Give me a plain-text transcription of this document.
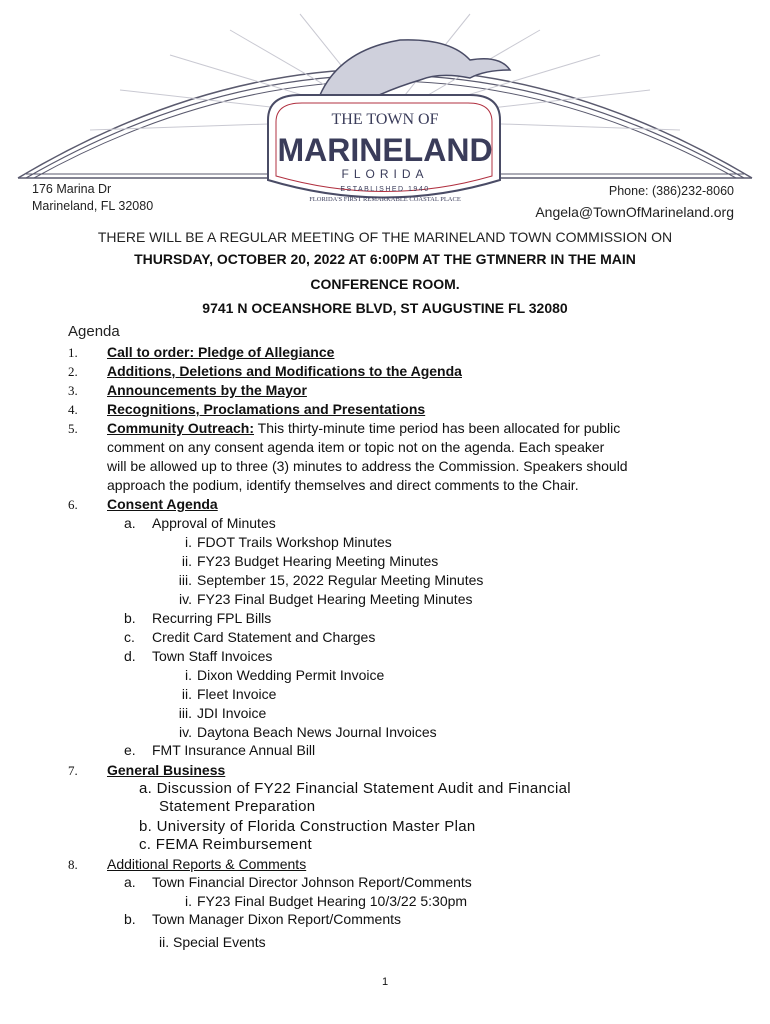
THE TOWN OF
MARINELAND
FLORIDA
ESTABLISHED 1940
FLORIDA'S FIRST REMARKABLE COASTAL PLACE
176 Marina Dr
Marineland, FL 32080
Phone: (386)232-8060
Angela@TownOfMarineland.org
THERE WILL BE A REGULAR MEETING OF THE MARINELAND TOWN COMMISSION ON
THURSDAY, OCTOBER 20, 2022 AT 6:00PM AT THE GTMNERR IN THE MAIN
CONFERENCE ROOM.
9741 N OCEANSHORE BLVD, ST AUGUSTINE FL 32080
Agenda
1. Call to order: Pledge of Allegiance
2. Additions, Deletions and Modifications to the Agenda
3. Announcements by the Mayor
4. Recognitions, Proclamations and Presentations
5. Community Outreach: This thirty-minute time period has been allocated for public
comment on any consent agenda item or topic not on the agenda. Each speaker
will be allowed up to three (3) minutes to address the Commission. Speakers should
approach the podium, identify themselves and direct comments to the Chair.
6. Consent Agenda
a. Approval of Minutes
i. FDOT Trails Workshop Minutes
ii. FY23 Budget Hearing Meeting Minutes
iii. September 15, 2022 Regular Meeting Minutes
iv. FY23 Final Budget Hearing Meeting Minutes
b. Recurring FPL Bills
c. Credit Card Statement and Charges
d. Town Staff Invoices
i. Dixon Wedding Permit Invoice
ii. Fleet Invoice
iii. JDI Invoice
iv. Daytona Beach News Journal Invoices
e. FMT Insurance Annual Bill
7. General Business
a. Discussion of FY22 Financial Statement Audit and Financial
Statement Preparation
b. University of Florida Construction Master Plan
c. FEMA Reimbursement
8. Additional Reports & Comments
a. Town Financial Director Johnson Report/Comments
i. FY23 Final Budget Hearing 10/3/22 5:30pm
b. Town Manager Dixon Report/Comments
ii. Special Events
1
